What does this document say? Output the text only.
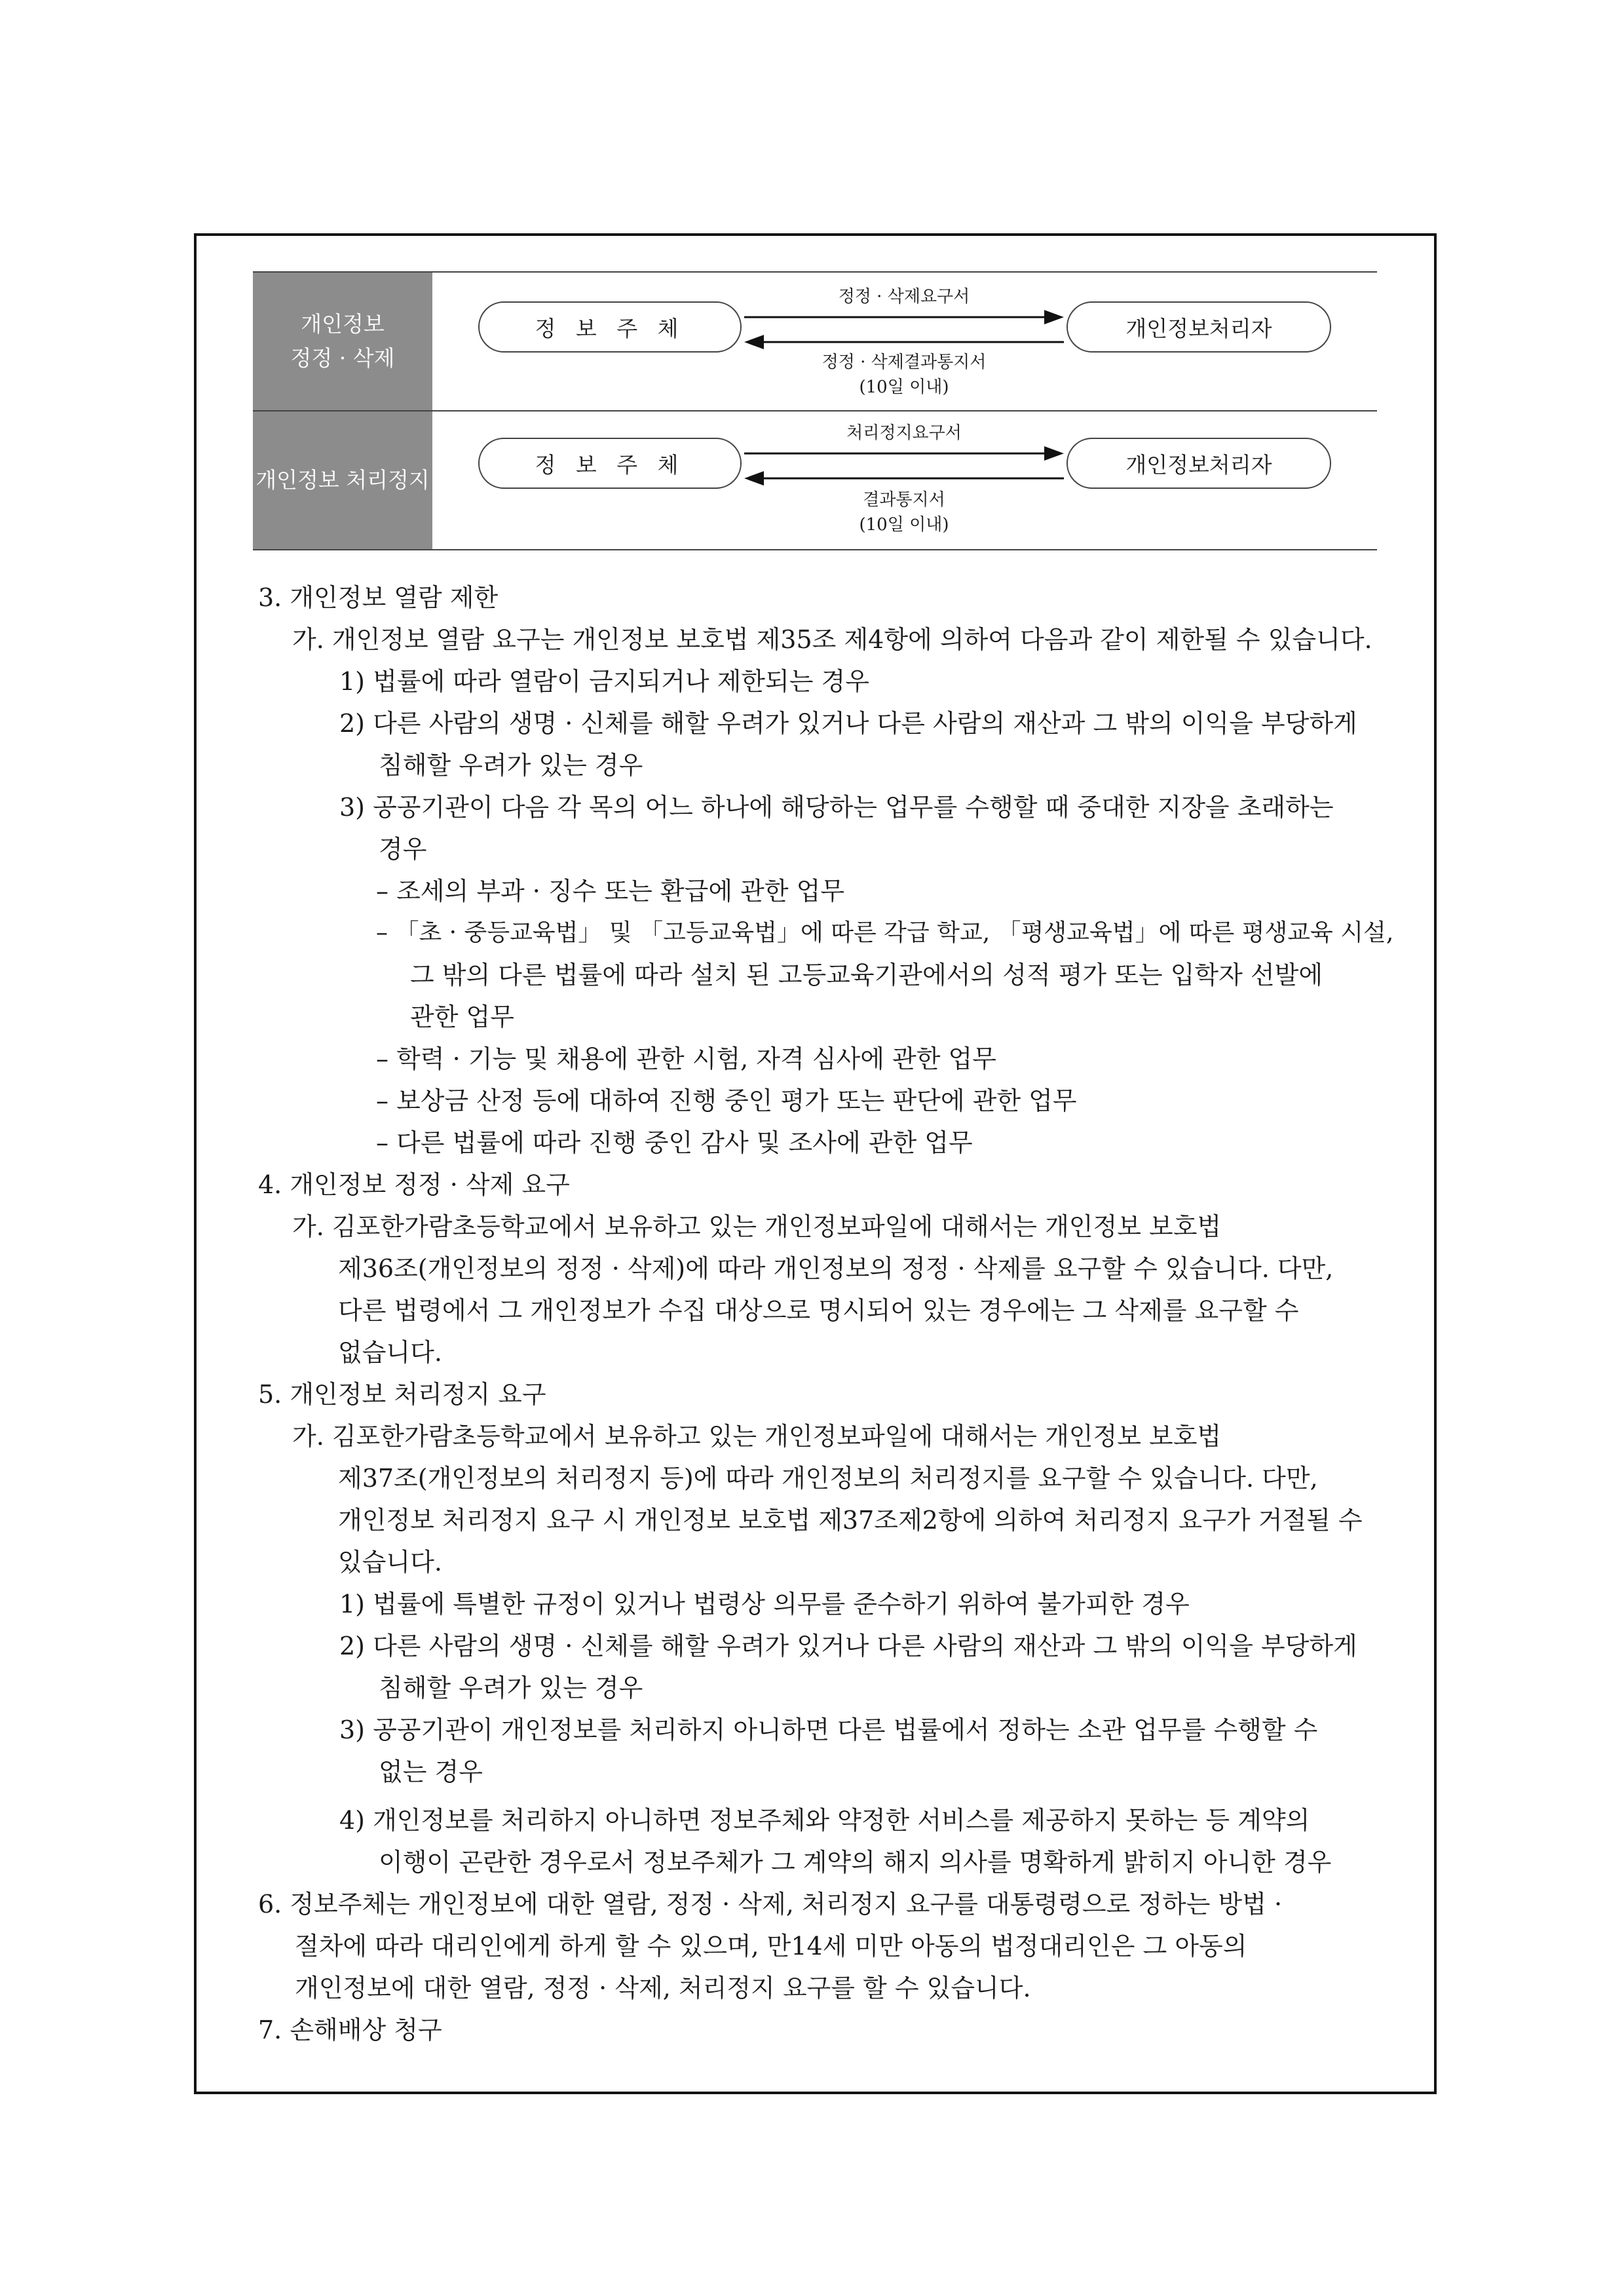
개인정보
정정 · 삭제
정 보 주 체	개인정보처리자
정정 · 삭제요구서
정정 · 삭제결과통지서
(10일 이내)
개인정보 처리정지
정 보 주 체	개인정보처리자
처리정지요구서
결과통지서
(10일 이내)
3. 개인정보 열람 제한
가. 개인정보 열람 요구는 개인정보 보호법 제35조 제4항에 의하여 다음과 같이 제한될 수 있습니다.
1) 법률에 따라 열람이 금지되거나 제한되는 경우
2) 다른 사람의 생명 · 신체를 해할 우려가 있거나 다른 사람의 재산과 그 밖의 이익을 부당하게
침해할 우려가 있는 경우
3) 공공기관이 다음 각 목의 어느 하나에 해당하는 업무를 수행할 때 중대한 지장을 초래하는
경우
– 조세의 부과 · 징수 또는 환급에 관한 업무
– 「초 · 중등교육법」 및 「고등교육법」에 따른 각급 학교, 「평생교육법」에 따른 평생교육 시설,
그 밖의 다른 법률에 따라 설치 된 고등교육기관에서의 성적 평가 또는 입학자 선발에
관한 업무
– 학력 · 기능 및 채용에 관한 시험, 자격 심사에 관한 업무
– 보상금 산정 등에 대하여 진행 중인 평가 또는 판단에 관한 업무
– 다른 법률에 따라 진행 중인 감사 및 조사에 관한 업무
4. 개인정보 정정 · 삭제 요구
가. 김포한가람초등학교에서 보유하고 있는 개인정보파일에 대해서는 개인정보 보호법
제36조(개인정보의 정정 · 삭제)에 따라 개인정보의 정정 · 삭제를 요구할 수 있습니다. 다만,
다른 법령에서 그 개인정보가 수집 대상으로 명시되어 있는 경우에는 그 삭제를 요구할 수
없습니다.
5. 개인정보 처리정지 요구
가. 김포한가람초등학교에서 보유하고 있는 개인정보파일에 대해서는 개인정보 보호법
제37조(개인정보의 처리정지 등)에 따라 개인정보의 처리정지를 요구할 수 있습니다. 다만,
개인정보 처리정지 요구 시 개인정보 보호법 제37조제2항에 의하여 처리정지 요구가 거절될 수
있습니다.
1) 법률에 특별한 규정이 있거나 법령상 의무를 준수하기 위하여 불가피한 경우
2) 다른 사람의 생명 · 신체를 해할 우려가 있거나 다른 사람의 재산과 그 밖의 이익을 부당하게
침해할 우려가 있는 경우
3) 공공기관이 개인정보를 처리하지 아니하면 다른 법률에서 정하는 소관 업무를 수행할 수
없는 경우
4) 개인정보를 처리하지 아니하면 정보주체와 약정한 서비스를 제공하지 못하는 등 계약의
이행이 곤란한 경우로서 정보주체가 그 계약의 해지 의사를 명확하게 밝히지 아니한 경우
6. 정보주체는 개인정보에 대한 열람, 정정 · 삭제, 처리정지 요구를 대통령령으로 정하는 방법 ·
절차에 따라 대리인에게 하게 할 수 있으며, 만14세 미만 아동의 법정대리인은 그 아동의
개인정보에 대한 열람, 정정 · 삭제, 처리정지 요구를 할 수 있습니다.
7. 손해배상 청구
